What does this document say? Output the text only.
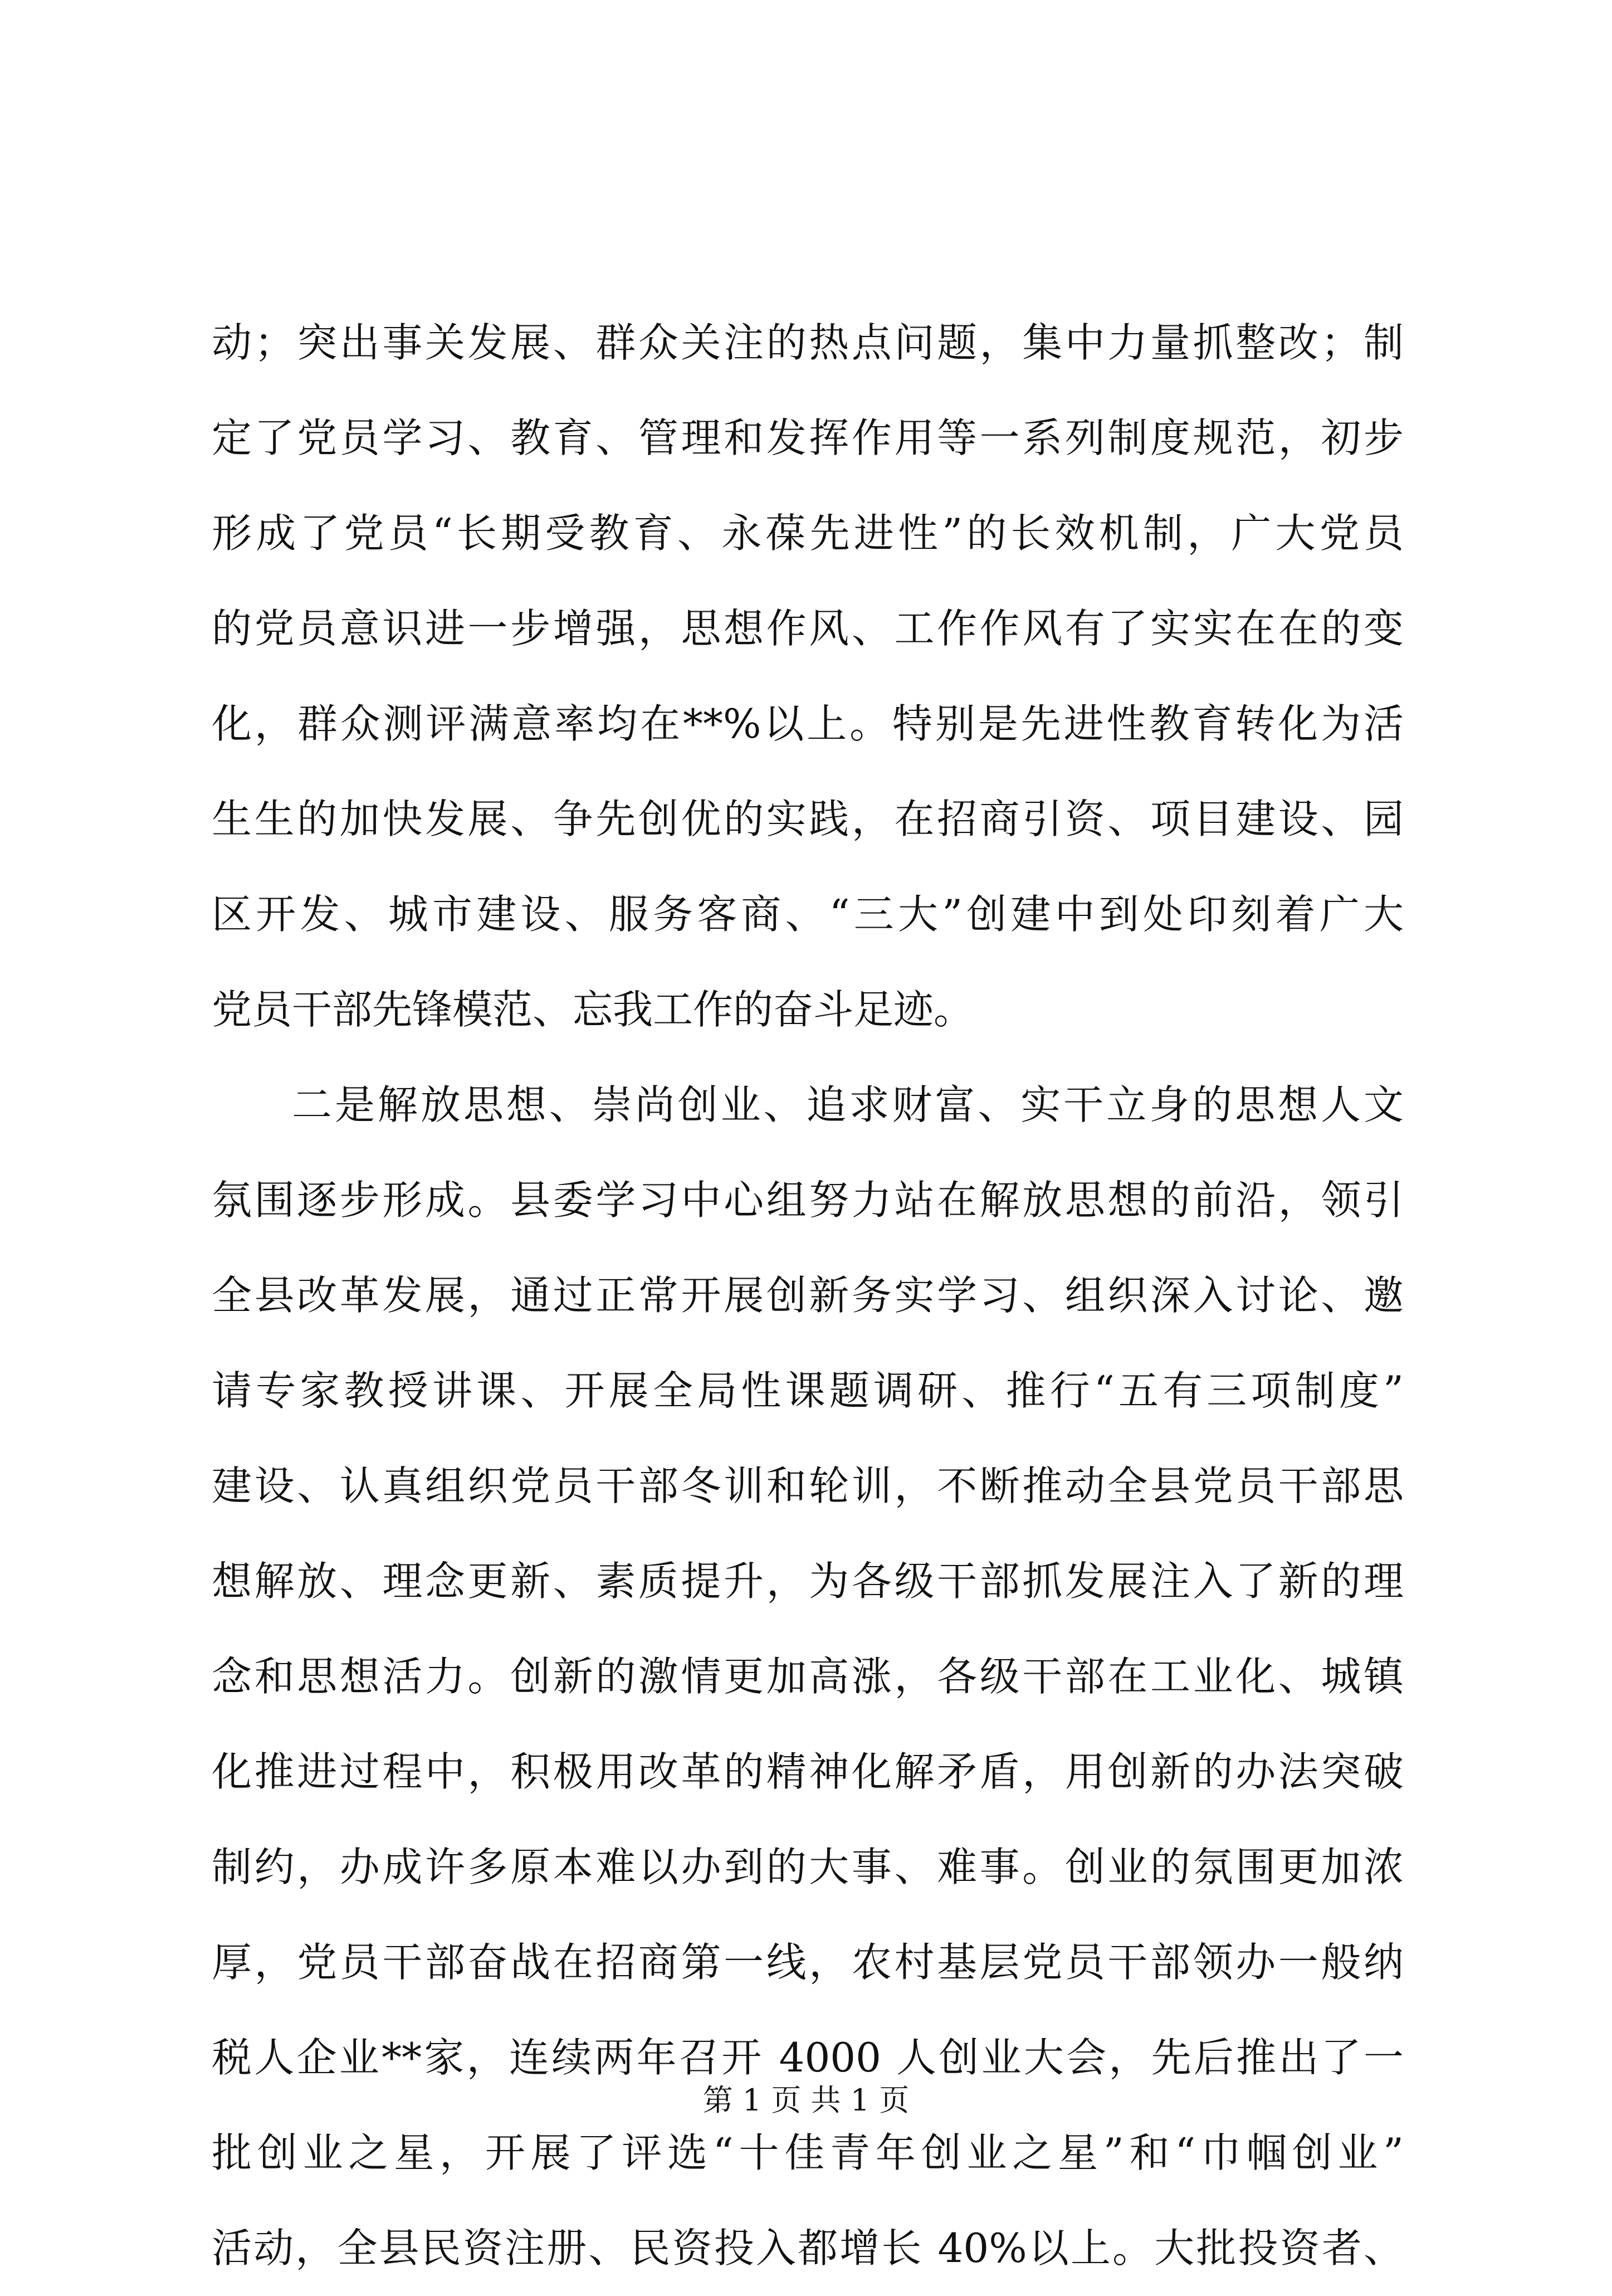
动；突出事关发展、群众关注的热点问题，集中力量抓整改；制
定了党员学习、教育、管理和发挥作用等一系列制度规范，初步
形成了党员“长期受教育、永葆先进性”的长效机制，广大党员
的党员意识进一步增强，思想作风、工作作风有了实实在在的变
化，群众测评满意率均在**%以上。特别是先进性教育转化为活
生生的加快发展、争先创优的实践，在招商引资、项目建设、园
区开发、城市建设、服务客商、“三大”创建中到处印刻着广大
党员干部先锋模范、忘我工作的奋斗足迹。
二是解放思想、崇尚创业、追求财富、实干立身的思想人文
氛围逐步形成。县委学习中心组努力站在解放思想的前沿，领引
全县改革发展，通过正常开展创新务实学习、组织深入讨论、邀
请专家教授讲课、开展全局性课题调研、推行“五有三项制度”
建设、认真组织党员干部冬训和轮训，不断推动全县党员干部思
想解放、理念更新、素质提升，为各级干部抓发展注入了新的理
念和思想活力。创新的激情更加高涨，各级干部在工业化、城镇
化推进过程中，积极用改革的精神化解矛盾，用创新的办法突破
制约，办成许多原本难以办到的大事、难事。创业的氛围更加浓
厚，党员干部奋战在招商第一线，农村基层党员干部领办一般纳
税人企业**家，连续两年召开 4000 人创业大会，先后推出了一
批创业之星，开展了评选“十佳青年创业之星”和“巾帼创业”
活动，全县民资注册、民资投入都增长 40%以上。大批投资者、
第 1 页 共 1 页
